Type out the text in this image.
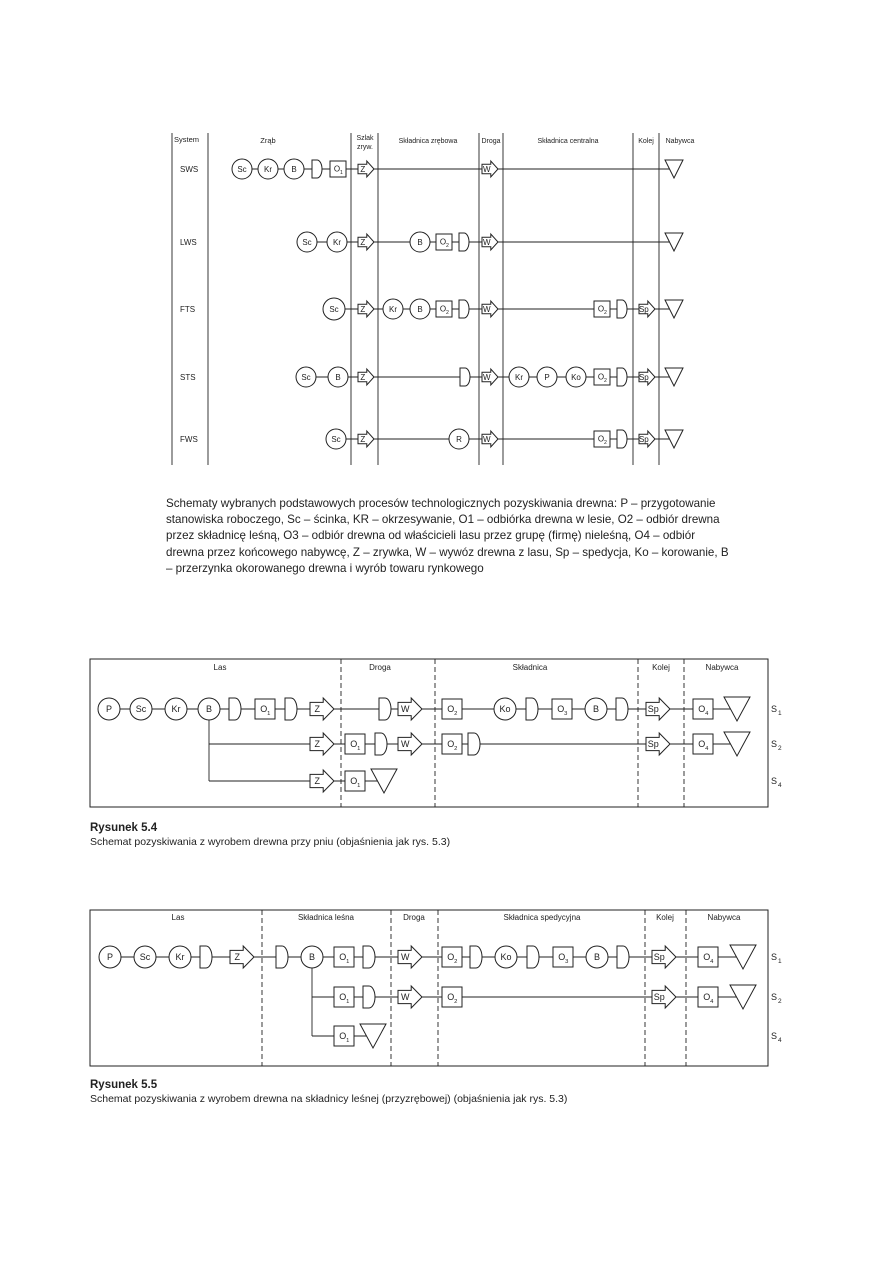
System	Zrąb	Szlak
zryw.
Składnica zrębowa	Droga	Składnica centralna	Kolej Nabywca
SWS
LWS
FTS
STS
FWS
Sc Kr B	O 1 Z	W
Sc	Kr Z	B O 2	W
Sc	Z	Kr	B O 2	W	O 2	Sp
Sc	B Z	W	Kr	P	Ko O 2	Sp
Sc Z	R	W	O 2	Sp
Las	Droga	Składnica	Kolej	Nabywca
P	Sc	Kr	B	O 1	Z	W	O 2	Ko	O 3	B	Sp	O 4
Z	O 1	W	O 2	Sp	O 4
Z	O 1
S 1
S 2
S 4
Las	Składnica leśna	Droga	Składnica spedycyjna	Kolej	Nabywca
P	Sc	Kr	Z	B	O 1	W	O 2	Ko	O 3	B	Sp	O 4
O 1	W	O 2	Sp	O 4
O 1
S 1
S 2
S 4
Schematy wybranych podstawowych procesów technologicznych pozyskiwania drewna: P – przygotowanie stanowiska roboczego, Sc – ścinka, KR – okrzesywanie, O1 – odbiórka drewna w lesie, O2 – odbiór drewna przez składnicę leśną, O3 – odbiór drewna od właścicieli lasu przez grupę (firmę) nieleśną, O4 – odbiór drewna przez końcowego nabywcę, Z – zrywka, W – wywóz drewna z lasu, Sp – spedycja, Ko – korowanie, B – przerzynka okorowanego drewna i wyrób towaru rynkowego
Rysunek 5.4
Schemat pozyskiwania z wyrobem drewna przy pniu (objaśnienia jak rys. 5.3)
Rysunek 5.5
Schemat pozyskiwania z wyrobem drewna na składnicy leśnej (przyzrębowej) (objaśnienia jak rys. 5.3)
